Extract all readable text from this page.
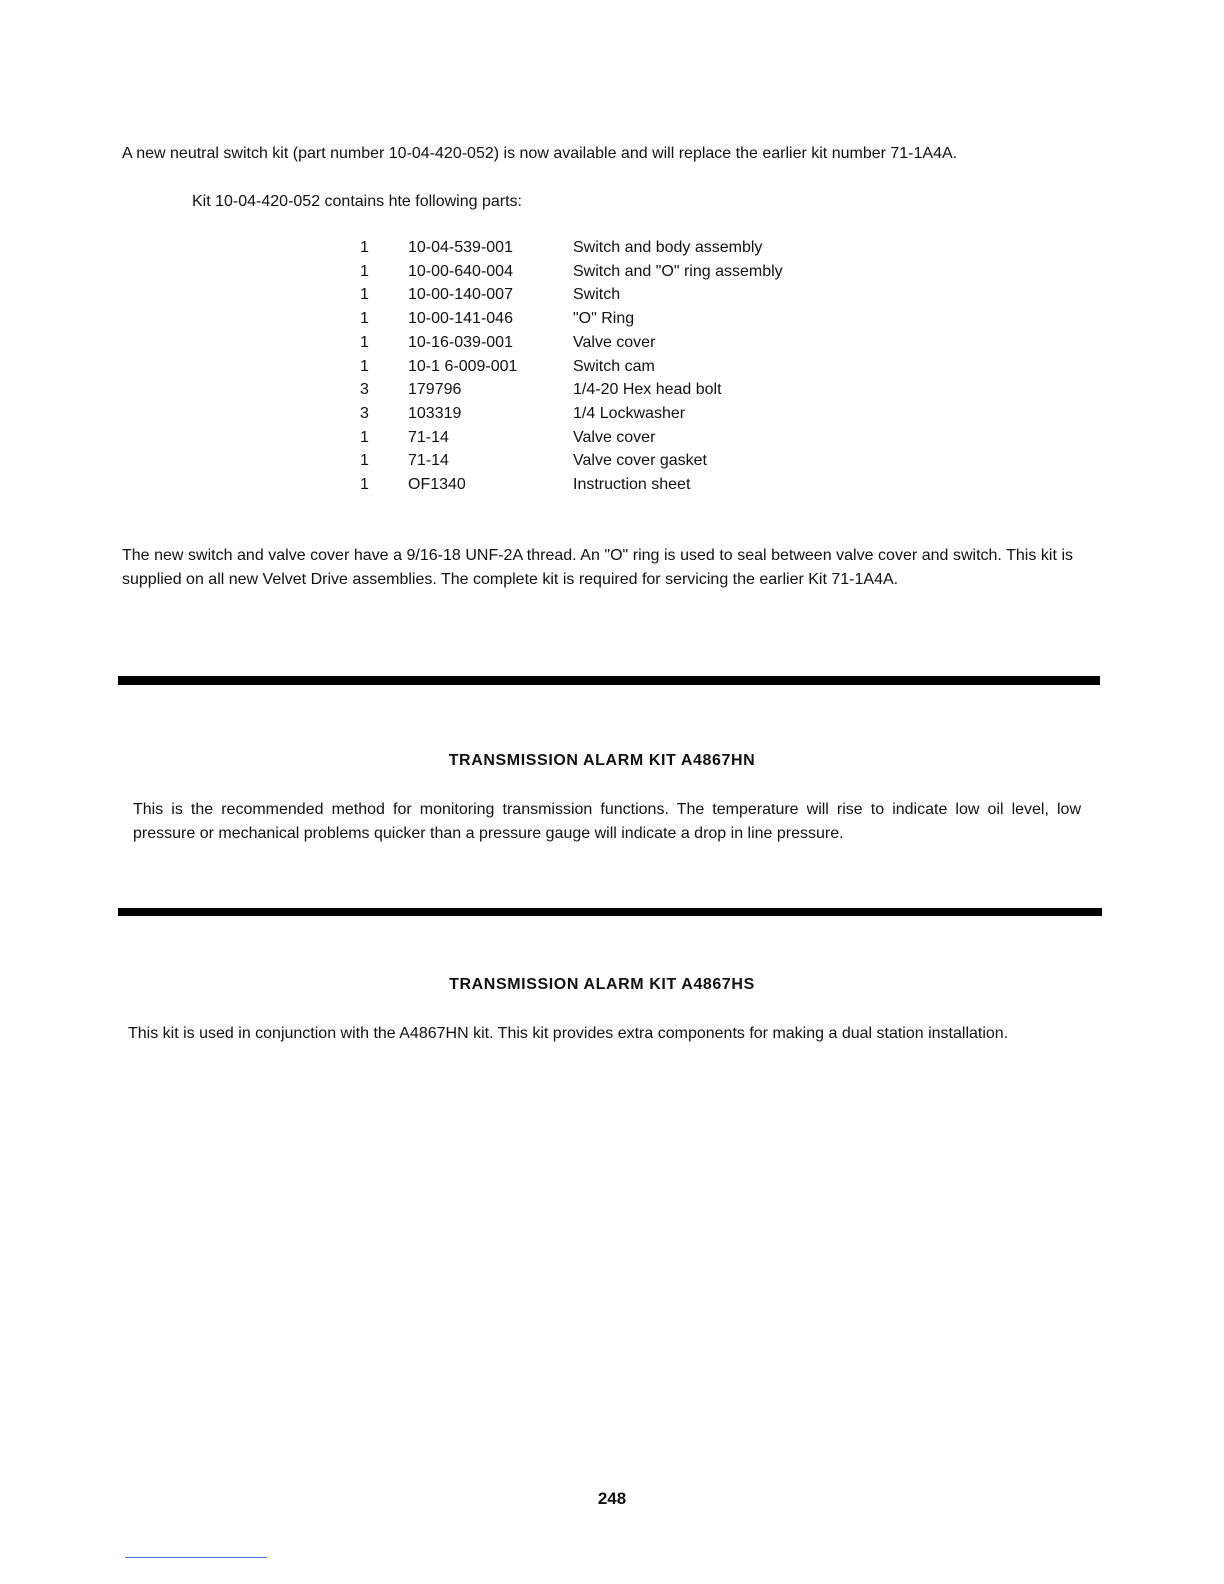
A new neutral switch kit (part number 10-04-420-052) is now available and will replace the earlier kit number 71-1A4A.
Kit 10-04-420-052 contains hte following parts:
1	10-04-539-001	Switch and body assembly
1	10-00-640-004	Switch and "O" ring assembly
1	10-00-140-007	Switch
1	10-00-141-046	"O" Ring
1	10-16-039-001	Valve cover
1	10-1 6-009-001	Switch cam
3	179796	1/4-20 Hex head bolt
3	103319	1/4 Lockwasher
1	71-14	Valve cover
1	71-14	Valve cover gasket
1	OF1340	Instruction sheet
The new switch and valve cover have a 9/16-18 UNF-2A thread. An "O" ring is used to seal between valve cover and switch. This kit is supplied on all new Velvet Drive assemblies. The complete kit is required for servicing the earlier Kit 71-1A4A.
TRANSMISSION ALARM KIT A4867HN
This is the recommended method for monitoring transmission functions. The temperature will rise to indicate low oil level, low pressure or mechanical problems quicker than a pressure gauge will indicate a drop in line pressure.
TRANSMISSION ALARM KIT A4867HS
This kit is used in conjunction with the A4867HN kit. This kit provides extra components for making a dual station installation.
248
